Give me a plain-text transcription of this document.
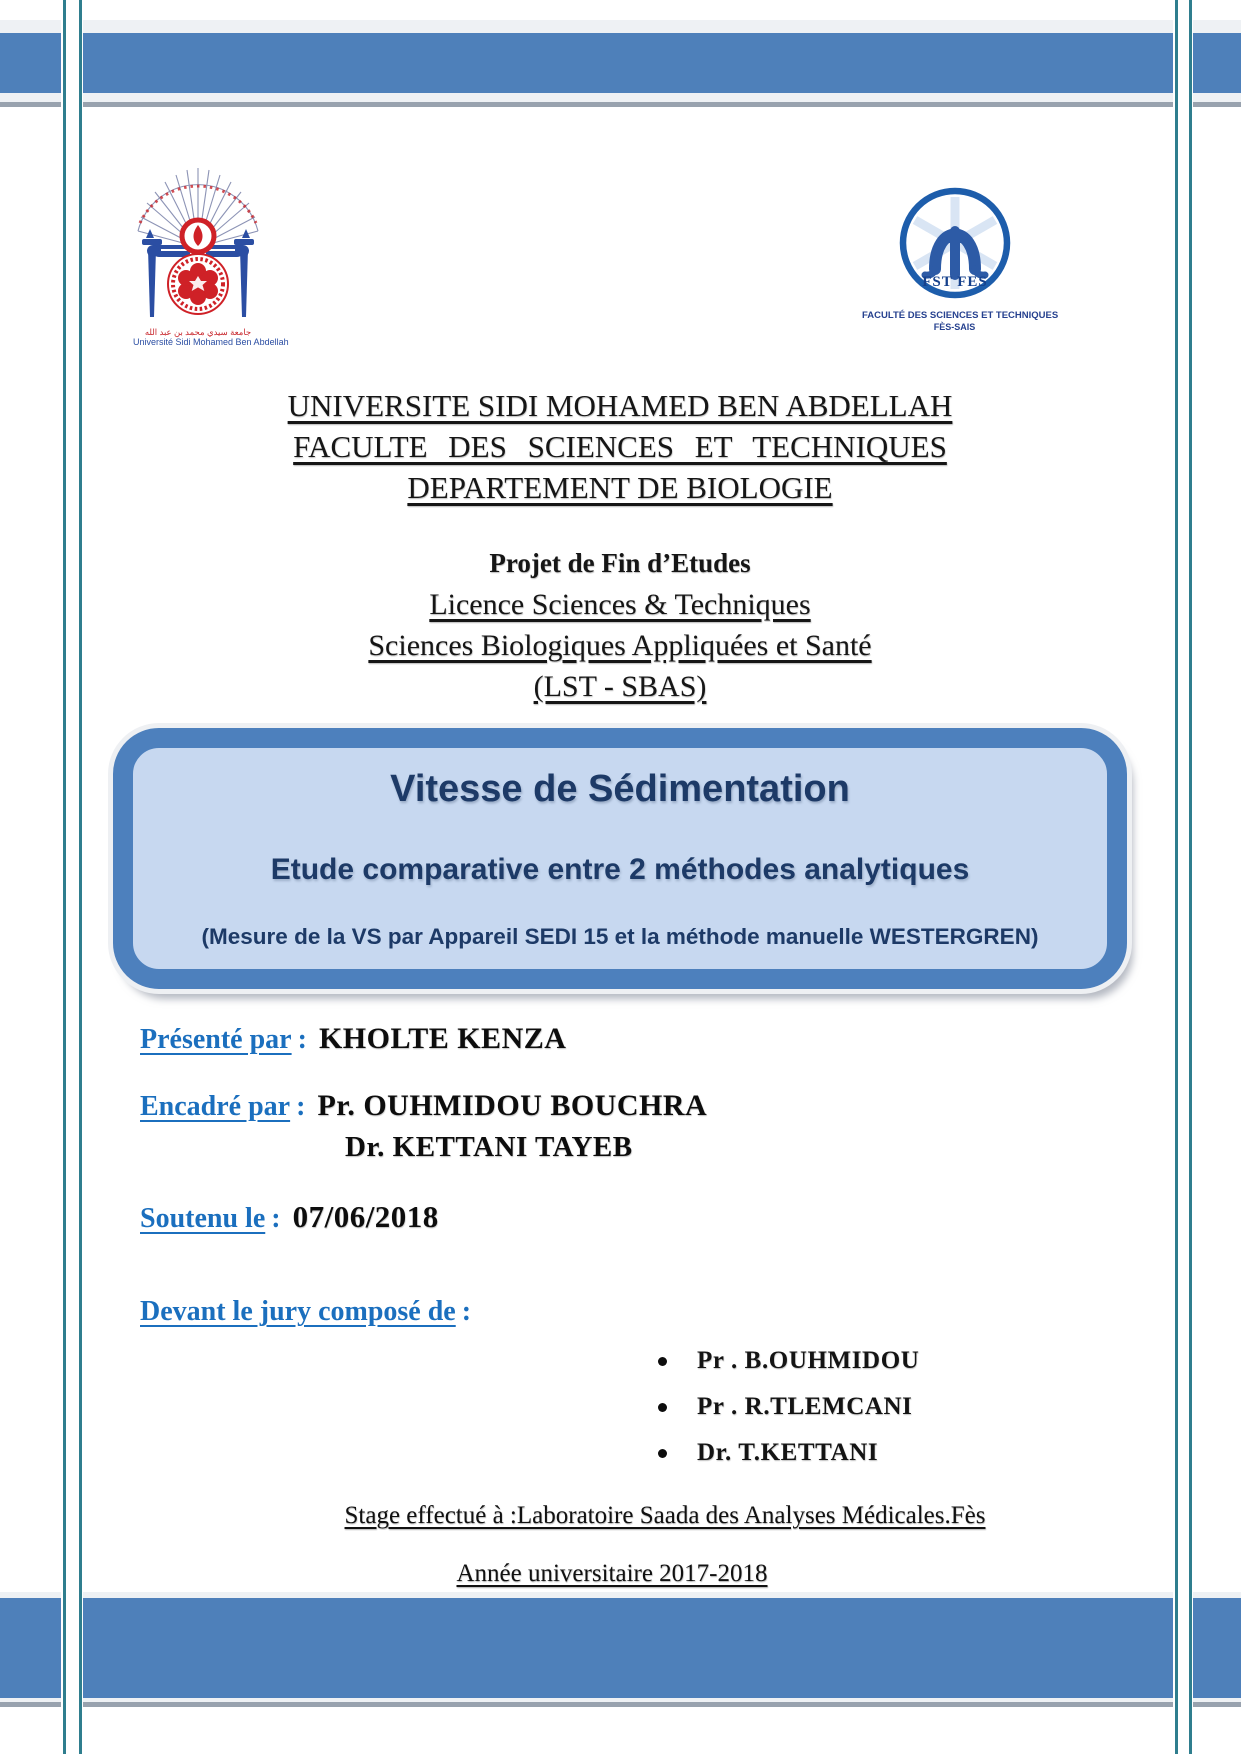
جامعة سيدي محمد بن عبد الله
Université Sidi Mohamed Ben Abdellah
FST FES
FACULTÉ DES SCIENCES ET TECHNIQUES
FÈS-SAIS
UNIVERSITE SIDI MOHAMED BEN ABDELLAH
FACULTE DES SCIENCES ET TECHNIQUES
DEPARTEMENT DE BIOLOGIE
Projet de Fin d’Etudes
Licence Sciences & Techniques
Sciences Biologiques Appliquées et Santé
(LST - SBAS)
Vitesse de Sédimentation
Etude comparative entre 2 méthodes analytiques
(Mesure de la VS par Appareil SEDI 15 et la méthode manuelle WESTERGREN)
Présenté par : KHOLTE KENZA
Encadré par : Pr. OUHMIDOU BOUCHRA
Dr. KETTANI TAYEB
Soutenu le : 07/06/2018
Devant le jury composé de :
Pr . B.OUHMIDOU
Pr . R.TLEMCANI
Dr. T.KETTANI
Stage effectué à :Laboratoire Saada des Analyses Médicales.Fès
Année universitaire 2017-2018
